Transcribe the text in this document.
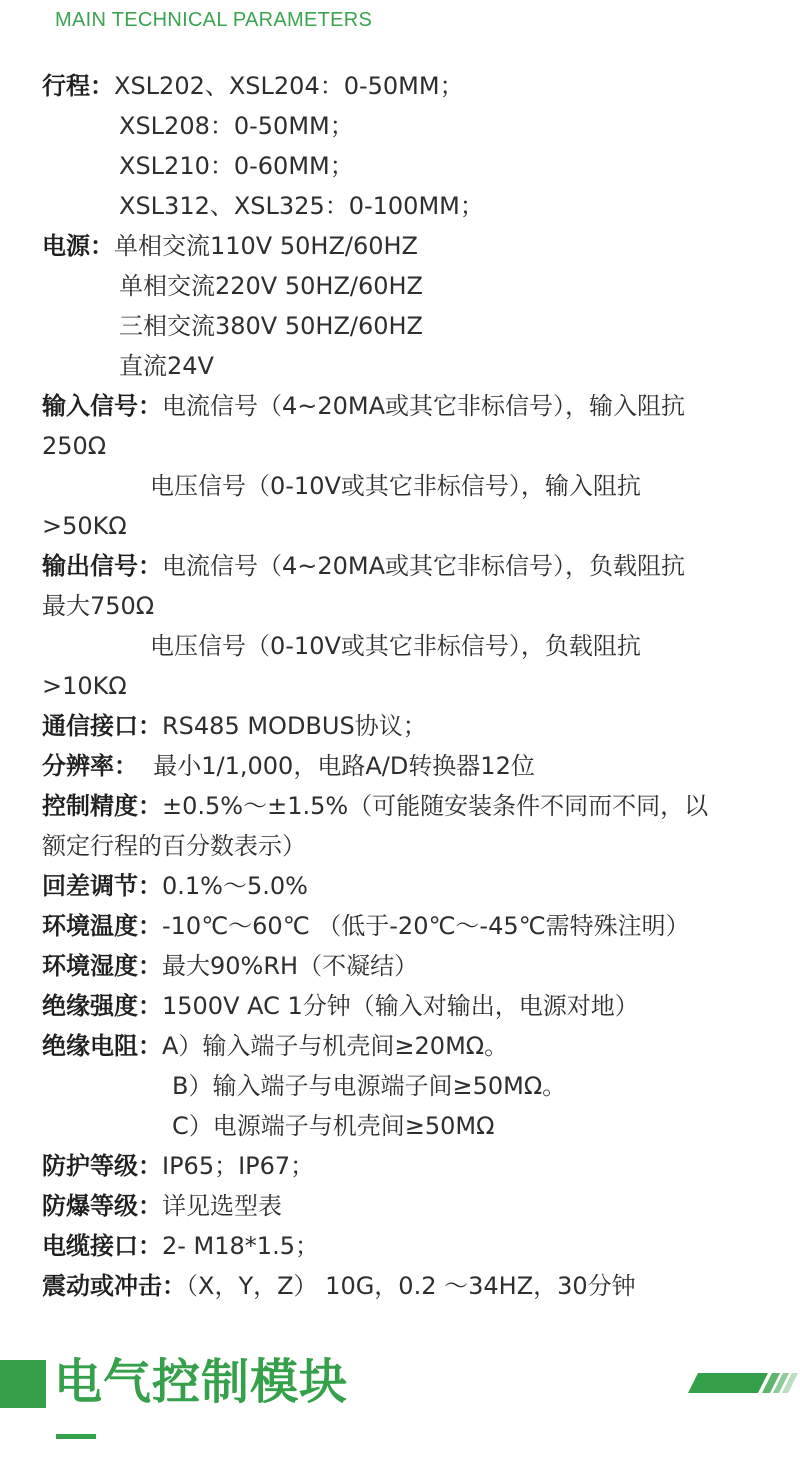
MAIN TECHNICAL PARAMETERS
行程：XSL202、XSL204：0-50MM；
XSL208：0-50MM；
XSL210：0-60MM；
XSL312、XSL325：0-100MM；
电源：单相交流110V 50HZ/60HZ
单相交流220V 50HZ/60HZ
三相交流380V 50HZ/60HZ
直流24V
输入信号：电流信号（4~20MA或其它非标信号），输入阻抗
250Ω
电压信号（0-10V或其它非标信号），输入阻抗
>50KΩ
输出信号：电流信号（4~20MA或其它非标信号），负载阻抗
最大750Ω
电压信号（0-10V或其它非标信号），负载阻抗
>10KΩ
通信接口：RS485 MODBUS协议；
分辨率：  最小1/1,000，电路A/D转换器12位
控制精度：±0.5%～±1.5%（可能随安装条件不同而不同，以
额定行程的百分数表示）
回差调节：0.1%～5.0%
环境温度：-10℃～60℃ （低于-20℃～-45℃需特殊注明）
环境湿度：最大90%RH（不凝结）
绝缘强度：1500V AC 1分钟（输入对输出，电源对地）
绝缘电阻：A）输入端子与机壳间≥20MΩ。
B）输入端子与电源端子间≥50MΩ。
C）电源端子与机壳间≥50MΩ
防护等级：IP65；IP67；
防爆等级：详见选型表
电缆接口：2- M18*1.5；
震动或冲击：（X，Y，Z） 10G，0.2 ～34HZ，30分钟
电气控制模块
